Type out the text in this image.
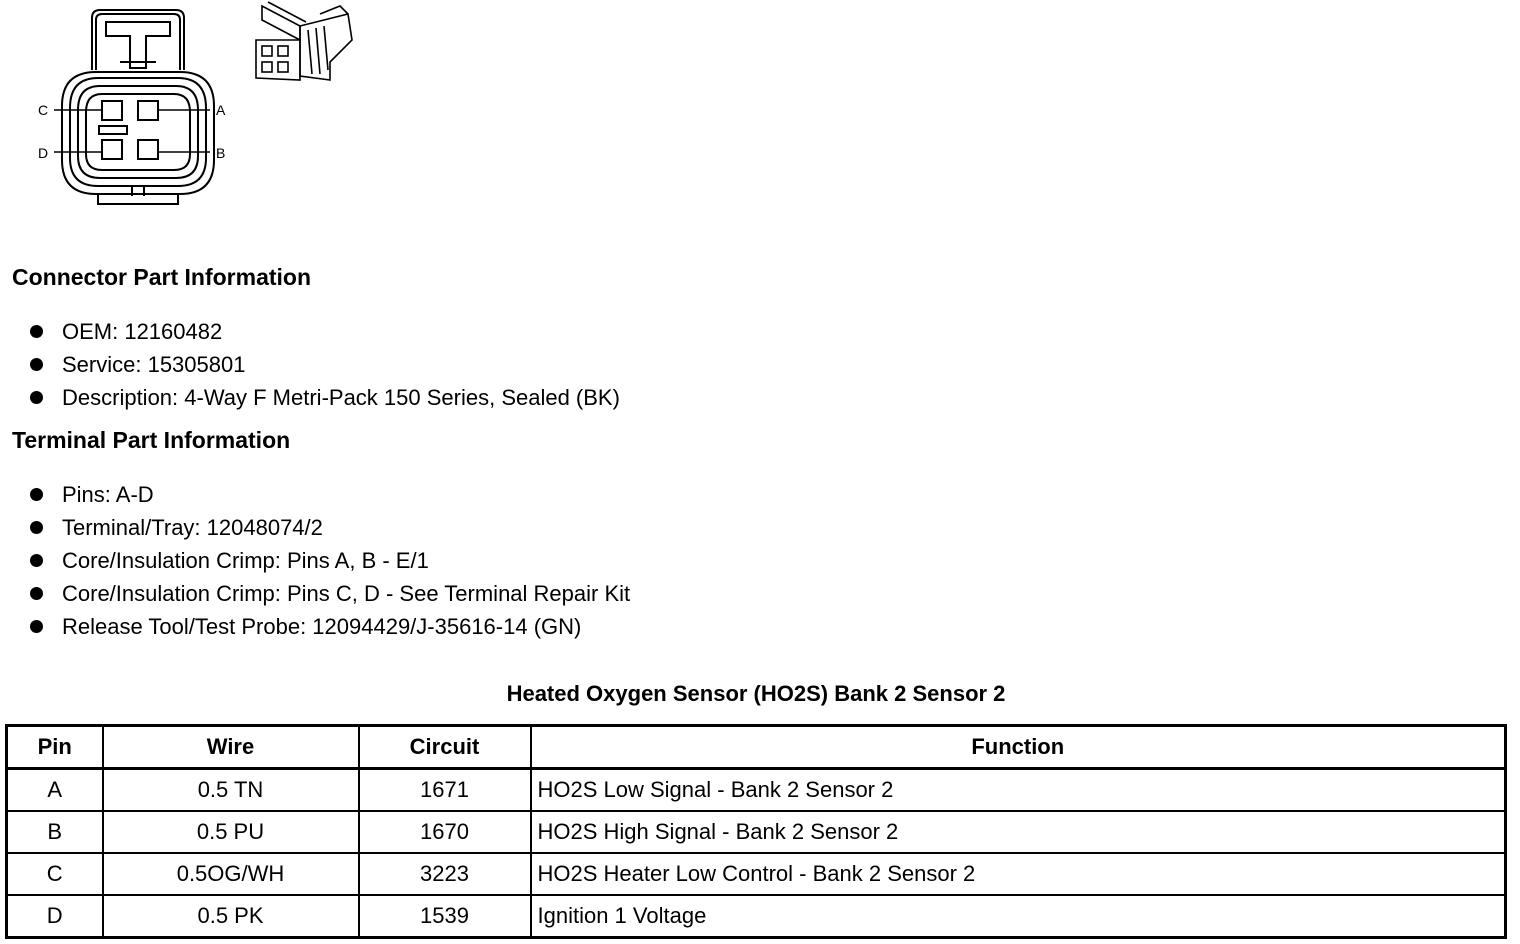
C	A
D	B
Connector Part Information
OEM: 12160482
Service: 15305801
Description: 4-Way F Metri-Pack 150 Series, Sealed (BK)
Terminal Part Information
Pins: A-D
Terminal/Tray: 12048074/2
Core/Insulation Crimp: Pins A, B - E/1
Core/Insulation Crimp: Pins C, D - See Terminal Repair Kit
Release Tool/Test Probe: 12094429/J-35616-14 (GN)
Heated Oxygen Sensor (HO2S) Bank 2 Sensor 2
Pin	Wire	Circuit	Function
A	0.5 TN	1671	HO2S Low Signal - Bank 2 Sensor 2
B	0.5 PU	1670	HO2S High Signal - Bank 2 Sensor 2
C	0.5OG/WH	3223	HO2S Heater Low Control - Bank 2 Sensor 2
D	0.5 PK	1539	Ignition 1 Voltage
